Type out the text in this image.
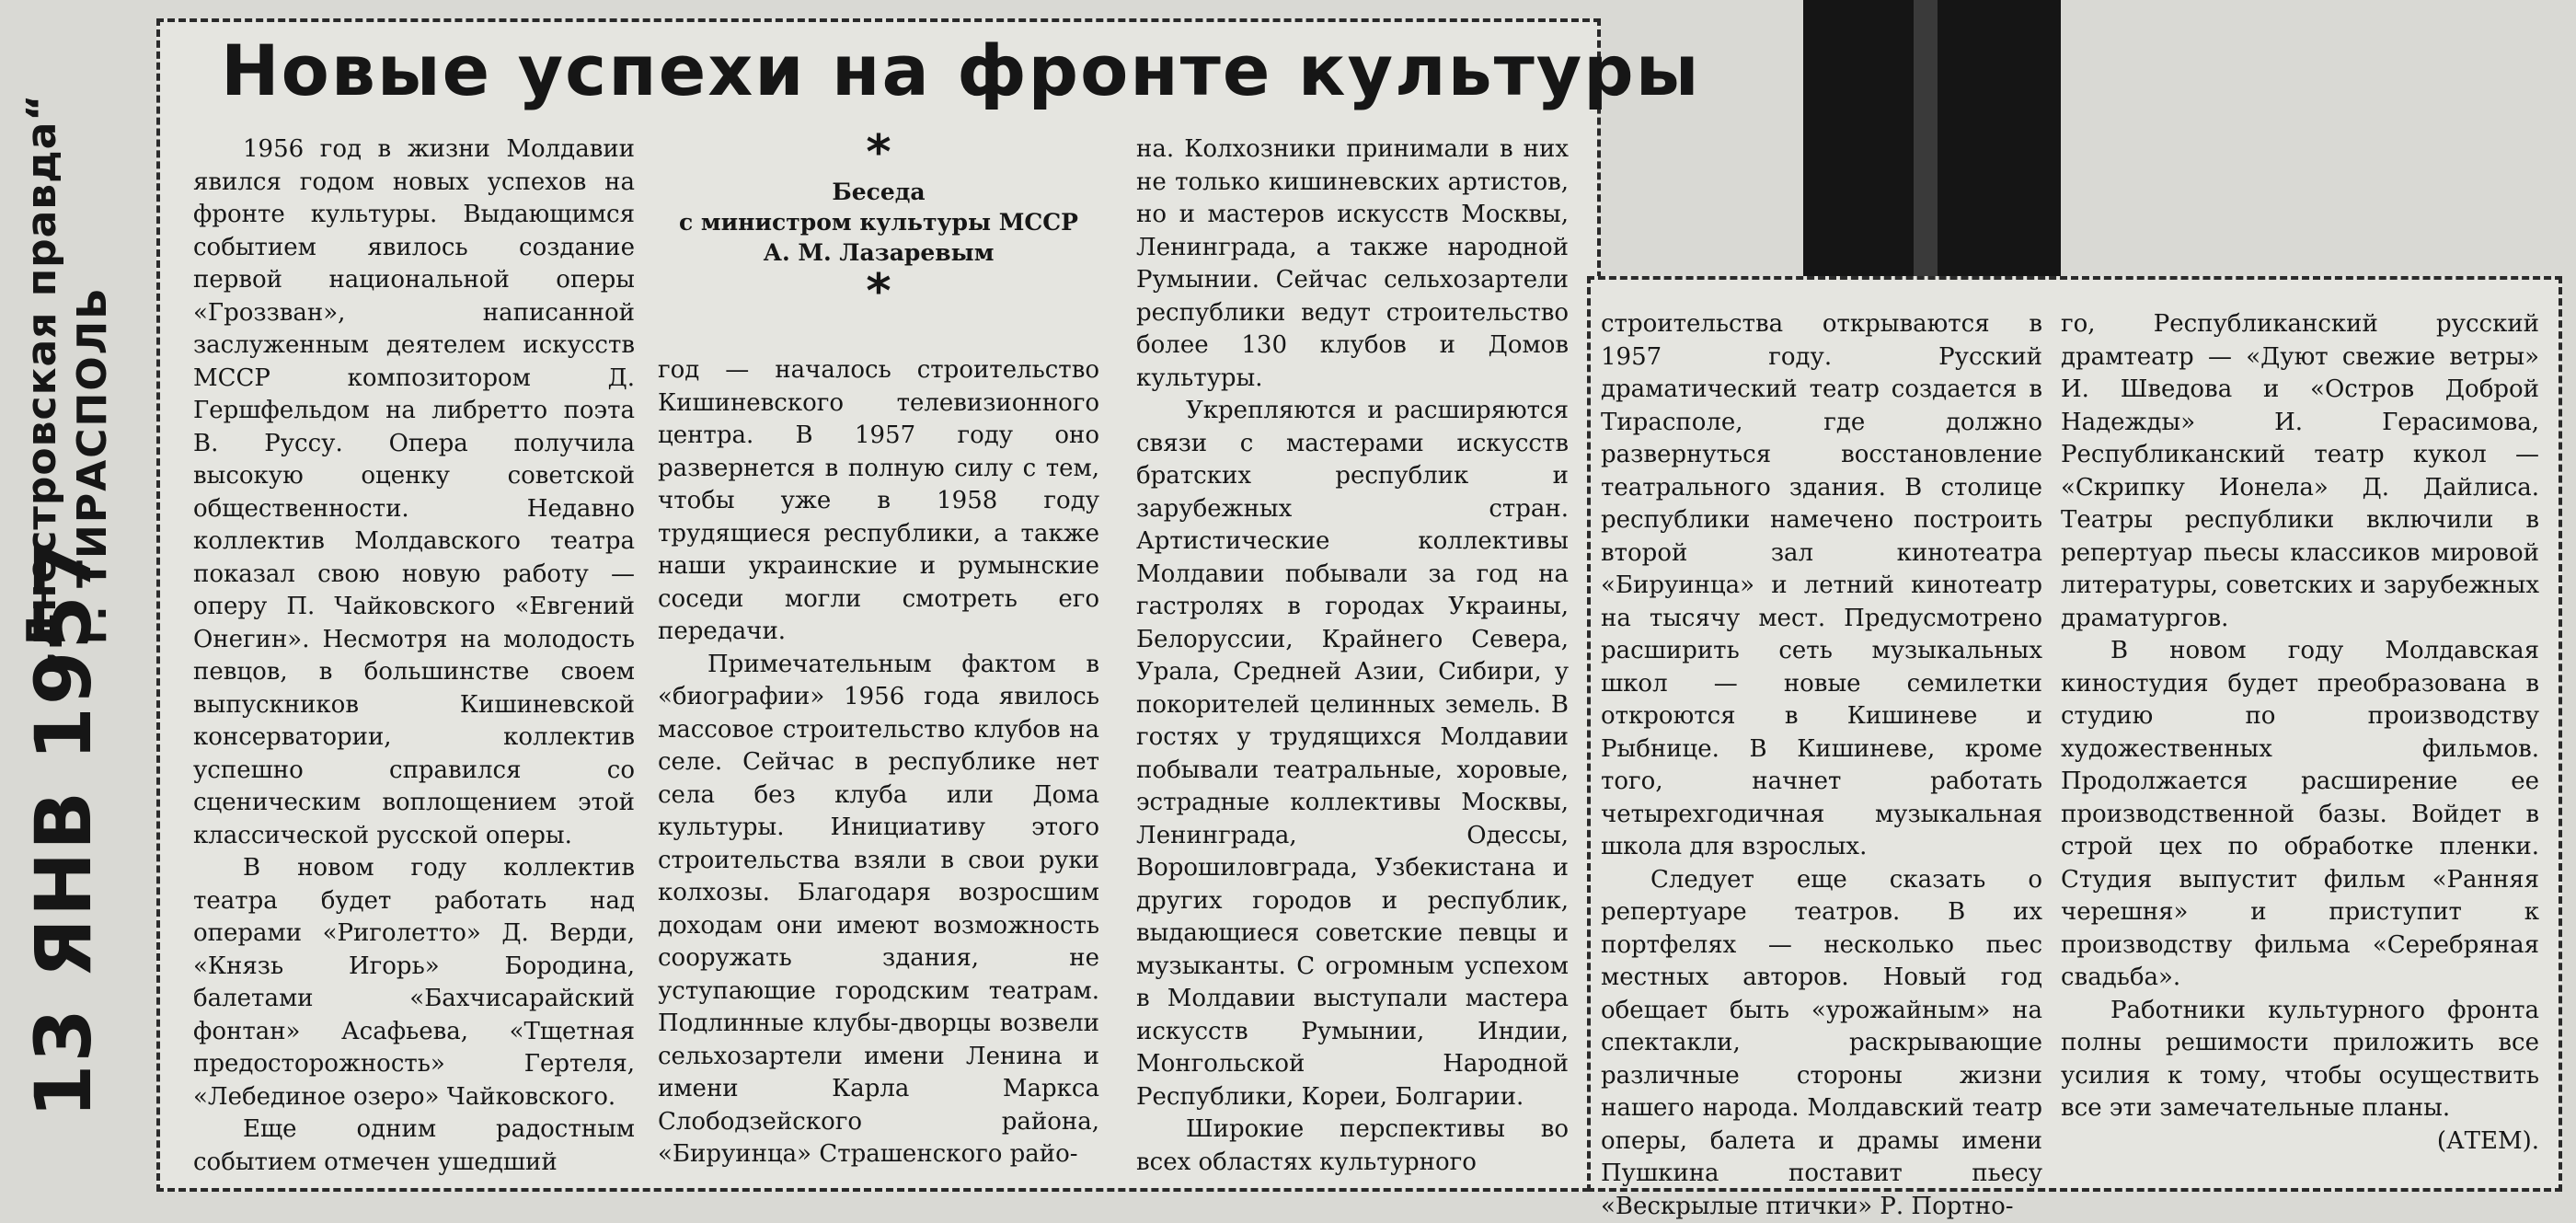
„Днестровская правда“ г. ТИРАСПОЛЬ
13 ЯНВ 1957
Новые успехи на фронте культуры
*
Беседа
с министром культуры МССР
А. М. Лазаревым
*

1956 год в жизни Молдавии явился годом новых успехов на фронте культуры. Выдающимся событием явилось создание первой национальной оперы «Гроззван», написанной заслуженным деятелем искусств МССР композитором Д. Гершфельдом на либретто поэта В. Руссу. Опера получила высокую оценку советской общественности. Недавно коллектив Молдавского театра показал свою новую работу — оперу П. Чайковского «Евгений Онегин». Несмотря на молодость певцов, в большинстве своем выпускников Кишиневской консерватории, коллектив успешно справился со сценическим воплощением этой классической русской оперы.

В новом году коллектив театра будет работать над операми «Риголетто» Д. Верди, «Князь Игорь» Бородина, балетами «Бахчисарайский фонтан» Асафьева, «Тщетная предосторожность» Гертеля, «Лебединое озеро» Чайковского.

Еще одним радостным событием отмечен ушедший

год — началось строительство Кишиневского телевизионного центра. В 1957 году оно развернется в полную силу с тем, чтобы уже в 1958 году трудящиеся республики, а также наши украинские и румынские соседи могли смотреть его передачи.

Примечательным фактом в «биографии» 1956 года явилось массовое строительство клубов на селе. Сейчас в республике нет села без клуба или Дома культуры. Инициативу этого строительства взяли в свои руки колхозы. Благодаря возросшим доходам они имеют возможность сооружать здания, не уступающие городским театрам. Подлинные клубы-дворцы возвели сельхозартели имени Ленина и имени Карла Маркса Слободзейского района, «Бируинца» Страшенского райо-

на. Колхозники принимали в них не только кишиневских артистов, но и мастеров искусств Москвы, Ленинграда, а также народной Румынии. Сейчас сельхозартели республики ведут строительство более 130 клубов и Домов культуры.

Укрепляются и расширяются связи с мастерами искусств братских республик и зарубежных стран. Артистические коллективы Молдавии побывали за год на гастролях в городах Украины, Белоруссии, Крайнего Севера, Урала, Средней Азии, Сибири, у покорителей целинных земель. В гостях у трудящихся Молдавии побывали театральные, хоровые, эстрадные коллективы Москвы, Ленинграда, Одессы, Ворошиловграда, Узбекистана и других городов и республик, выдающиеся советские певцы и музыканты. С огромным успехом в Молдавии выступали мастера искусств Румынии, Индии, Монгольской Народной Республики, Кореи, Болгарии.

Широкие перспективы во всех областях культурного

строительства открываются в 1957 году. Русский драматический театр создается в Тирасполе, где должно развернуться восстановление театрального здания. В столице республики намечено построить второй зал кинотеатра «Бируинца» и летний кинотеатр на тысячу мест. Предусмотрено расширить сеть музыкальных школ — новые семилетки откроются в Кишиневе и Рыбнице. В Кишиневе, кроме того, начнет работать четырехгодичная музыкальная школа для взрослых.

Следует еще сказать о репертуаре театров. В их портфелях — несколько пьес местных авторов. Новый год обещает быть «урожайным» на спектакли, раскрывающие различные стороны жизни нашего народа. Молдавский театр оперы, балета и драмы имени Пушкина поставит пьесу «Вескрылые птички» Р. Портно-

го, Республиканский русский драмтеатр — «Дуют свежие ветры» И. Шведова и «Остров Доброй Надежды» И. Герасимова, Республиканский театр кукол — «Скрипку Ионела» Д. Дайлиса. Театры республики включили в репертуар пьесы классиков мировой литературы, советских и зарубежных драматургов.

В новом году Молдавская киностудия будет преобразована в студию по производству художественных фильмов. Продолжается расширение ее производственной базы. Войдет в строй цех по обработке пленки. Студия выпустит фильм «Ранняя черешня» и приступит к производству фильма «Серебряная свадьба».

Работники культурного фронта полны решимости приложить все усилия к тому, чтобы осуществить все эти замечательные планы.

(АТЕМ).
